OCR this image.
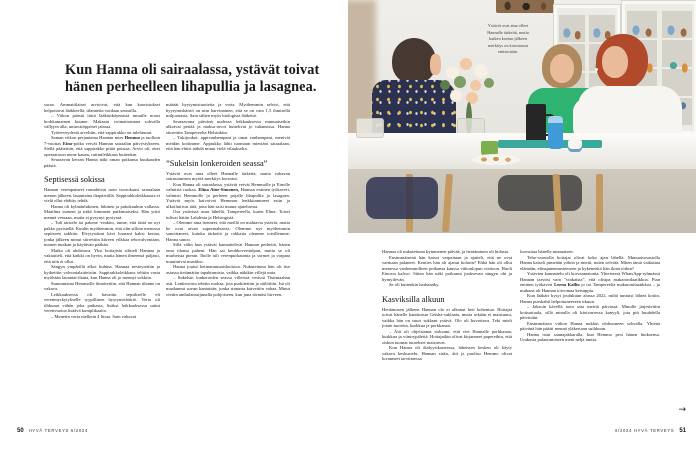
Kun Hanna oli sairaalassa, ystävät toivat hänen perheelleen lihapullia ja lasagnea.

soraa. Ammattilaiset arvioivat, että kun kouristukset helpottavat lääkkeellä, tilannetta voidaan seurailla.

– Viikon päästä tästä lääkärikäynnistä minulle nousi horkkamainen kuume. Makasin voimattomana sohvalla vällyjen alla, untuvatöppöset jalassa.

Työterveydestä arveltiin, että sappirakko on tulehtunut.

Saman viikon perjantaina Hannan mies Hemmo ja tuolloin 7-vuotias Eino-poika veivät Hannan sairaalan päivystykseen. Siellä päätettiin, että sappirakko pitää poistaa. Arvio oli, ettei operaatioon mene kauan, rutiinileikkaus kuitenkin.

Seuraavan kerran Hanna näki oman poikansa kuukauden päästä.

Septisessä sokissa

Hannan verenpaineet romahtivat noin vuorokausi sairaalaan menon jälkeen, lauantaina iltapäivällä. Sappirakkoleikkausta ei vielä ollut ehditty tehdä.

Hanna oli kylmänhikinen, hikinen ja pakokauhun vallassa. Maailma sumeni ja näkö himmeni putkimaiseksi. Hän yritti mennä vessaan, mutta ei pysynyt pystyssä.

– Tuli taistele tai pakene -reaktio, tunne, että tästä on nyt pakko pyristellä. Kuulin myöhemmin, että olin silloin menossa septiseen sokkiin. Elvytystiimi kävi luonani kaksi kertaa, jonka jälkeen minut siirrettiin kiireen vilkkaa tehovalvontaan, monen mutkan ja käytävän päähän.

Matka oli ahdistava. Yksi hoitajista silitteli Hannaa ja vakuutteli, että kaikki on hyvin, mutta hänen ilmeensä paljasti, että niin ei ollut.

Sängyn ympärillä alkoi kuhina. Hannaa nesteytettiin ja kytkettiin valvontalaitteisiin. Sappirakkoleikkaus tehtiin vasta myöhään lauantai-iltana, kun Hanna oli jo mennyt sokkiin.

Sunnuntaina Hemmolle ilmoitettiin, että Hannan tilanne on vakava.

Leikkauksessa oli havaittu sepsikselle eli verenmyrkytykselle tyypillinen hyytymishäiriö. Verta oli tihkunut vähän joka paikasta, lisäksi leikkauksessa sattui verenvuotoa lisäävä komplikaatio.

– Menetin verta melkein 4 litraa. Sain valtavat

määrät hyytymistuotteita ja verta. Myöhemmin selvisi, että hyytymishäiriö on niin harvinainen, että se on vain 1,5 ihmisellä miljoonasta. Sain siihen myös biologista lääkettä.

Seuraavana päivänä uudessa leikkauksessa munuaisetkin alkoivat pettää ja maksa-arvot huitelivat jo tuhansissa. Hanna siirrettiin Tampereelta Helsinkiin.

– Tukijoukot, appivanhempani ja omat vanhempani, menivät meidän kotiimme. Appiukko lähti tuomaan miestäni sairaalaan, että hän ehtisi nähdä minut vielä vilaukselta.

”Sukelsin lonkeroiden seassa”

Ystävät ovat aina olleet Hannalle tärkeitä, mutta vakavan sairastamisen myötä merkitys korostui.

Kun Hanna oli sairaalassa, ystävät veivät Hemmolle ja Einolle valmista ruokaa. Elina Aine-Simonen, Hannan entinen työkaveri, valmisti Hemmolle ja perheen pojalle lihapullia ja lasagnea. Ystävät myös kaivoivat Hemmon lenkkitamineet esiin ja ulkoiluttivat tätä, jotta hän saisi muuta ajateltavaa.

Osa ystävistä asuu lähellä, Tampereella, kuten Elina. Toiset tulivat hätiin Lahdesta ja Helsingistä.

– Olemme aina tienneet, että meillä on mahtavia ystäviä, mutta he ovat aivan supermahtavia. Olemme nyt myöhemmin sanoittaneet, kuinka tärkeitä ja rakkaita olemme toisillemme, Hanna sanoo.

Sillä välin kun ystävät kannattelivat Hannan perhettä, hänen oma tilansa paheni. Hän sai keuhkoveritulpan, mutta se oli murheista pienin. Iholle tuli verenpurkaumia ja sormet ja varpaat muuttuivat mustiksi.

Hanna joutui keinomunuaishoitoon. Nukutettuna hän oli itse asiassa tietämätön tapahtumista, vaikka näkikin villejä unia.

– Sukelsin lonkeroiden seassa villeissä vesissä Thaimaahan asti. Lonkeroista tehtiin ruokaa, jota purkitettiin ja säilöttiin. Isä oli maalannut suvun kantaisän, jonka rinnasta kaivettiin vahaa. Minut vietiin ambulanssijunalla pohjoiseen, kun juna törmäsi hirveen.

50 HYVÄ TERVEYS 6/2024
Ystävät ovat aina olleet Hannalle tärkeitä, mutta kaiken koetun jälkeen merkitys on korostunut entisestään.

Hannaa oli nukutettuna kymmenen päivää, ja herääminen oli hidasta.

Ensimmäisenä hän katsoi varpaitaan ja ajatteli, että ne ovat varmaan palaneet. Kenties hän oli ajanut kolarin? Ehkä hän oli ollut menossa vanhemmilleen poikansa kanssa viikonlopun viettoon. Huoli Einosta kalvoi. Sitten hän näki poikansa juoksevan sängyn ohi ja hymyilevän.

Se oli kuitenkin harhanäky.

Kasviksilla alkuun

Heräämisen jälkeen Hannan olo ei alkanut heti kohentua. Hoitajat toivat hänelle kantiinista Geisha-suklaata, mutta sekään ei maistunut, vaikka hän on suuri suklaan ystävä. Olo oli kuvottava. Teki mieli jotain tuoretta, kurkkua ja porkkanaa.

– Äiti oli ohjeistanut siskoani, että viet Hannalle porkkanaa, kurkkua ja viinirypäleitä. Hoitajatkin olivat kirjanneet papereihin, että siskon tuomat tuorekset maistuvat.

Kun Hanna oli dialyysikoneessa, läheisten kesken oli käyty vakava keskustelu. Hannan sisko, äiti ja puoliso Hemmo olivat luvanneet tarvittaessa

luovuttaa hänelle munuaisen.

Teho-osastolla hoitajat olivat koko ajan lähellä. Munuaisosastolla Hanna katseli pimeään yöhön ja mietti, miten selviää. Miten tämä vaikuttaa elämään, elinajanennusteeseen ja kykeneekö hän ikinä töihin?

Ystävien kannattelu oli korvaamatonta. Yhteisessä WhatsApp-ryhmässä Hannan tarvitsi vain ”vinkaista”, että olisipa makaronilaatikkoa. Pian entinen työkaveri Leena Kallio jo toi Tampereelta makaronilaatikkoa – ja mukana oli Hannan toivomaa ketsuppia.

Kun lääkäri kysyi joulukuun alussa 2022, miltä tuntuisi lähteä kotiin, Hanna purskahti helpottuneeseen itkuun.

– Jaksoin kävellä noin sata metriä päivässä. Minulle järjestettiin kotisairaala, sillä minulla oli käsivarressa kanyyli, jota piti huuhdella päivittäin.

Ensimmäisen viikon Hanna nukkui olohuoneen sohvalla. Yhtenä päivänä hän päätti mennä yläkertaan suihkuun.

Hanna istui saunajakkaralla, kun Hemmo pesi hänen hiuksensa. Urakasta palautumiseen meni neljä tuntia.

→
6/2024 HYVÄ TERVEYS 51
